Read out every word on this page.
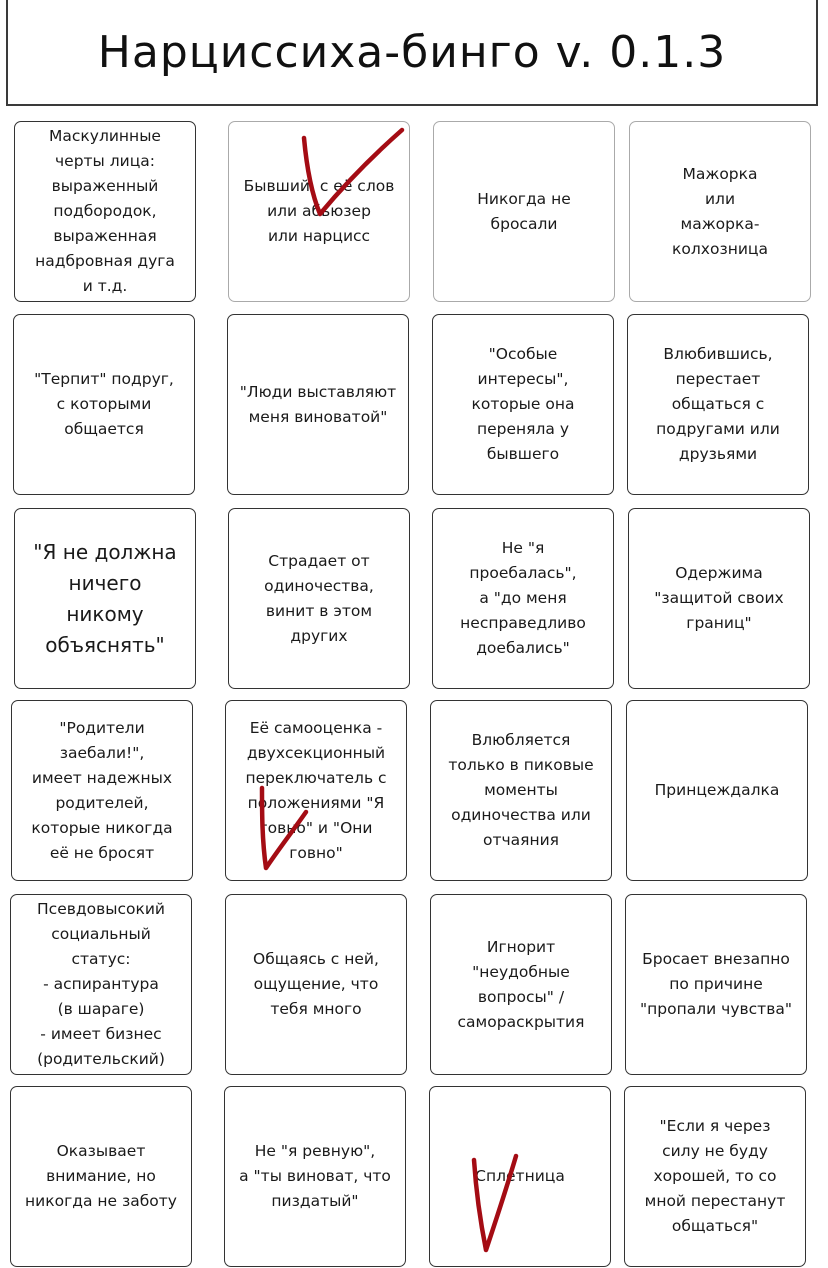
Нарциссиха-бинго v. 0.1.3
Маскулинные
черты лица:
выраженный
подбородок,
выраженная
надбровная дуга
и т.д.
Бывший, с её слов
или абьюзер
или нарцисс
Никогда не
бросали
Мажорка
или
мажорка-
колхозница
"Терпит" подруг,
с которыми
общается
"Люди выставляют
меня виноватой"
"Особые
интересы",
которые она
переняла у
бывшего
Влюбившись,
перестает
общаться с
подругами или
друзьями
"Я не должна
ничего
никому
объяснять"
Страдает от
одиночества,
винит в этом
других
Не "я
проебалась",
а "до меня
несправедливо
доебались"
Одержима
"защитой своих
границ"
"Родители
заебали!",
имеет надежных
родителей,
которые никогда
её не бросят
Её самооценка -
двухсекционный
переключатель с
положениями "Я
говно" и "Они
говно"
Влюбляется
только в пиковые
моменты
одиночества или
отчаяния
Принцеждалка
Псевдовысокий
социальный
статус:
- аспирантура
(в шараге)
- имеет бизнес
(родительский)
Общаясь с ней,
ощущение, что
тебя много
Игнорит
"неудобные
вопросы" /
самораскрытия
Бросает внезапно
по причине
"пропали чувства"
Оказывает
внимание, но
никогда не заботу
Не "я ревную",
а "ты виноват, что
пиздатый"
Сплетница
"Если я через
силу не буду
хорошей, то со
мной перестанут
общаться"
